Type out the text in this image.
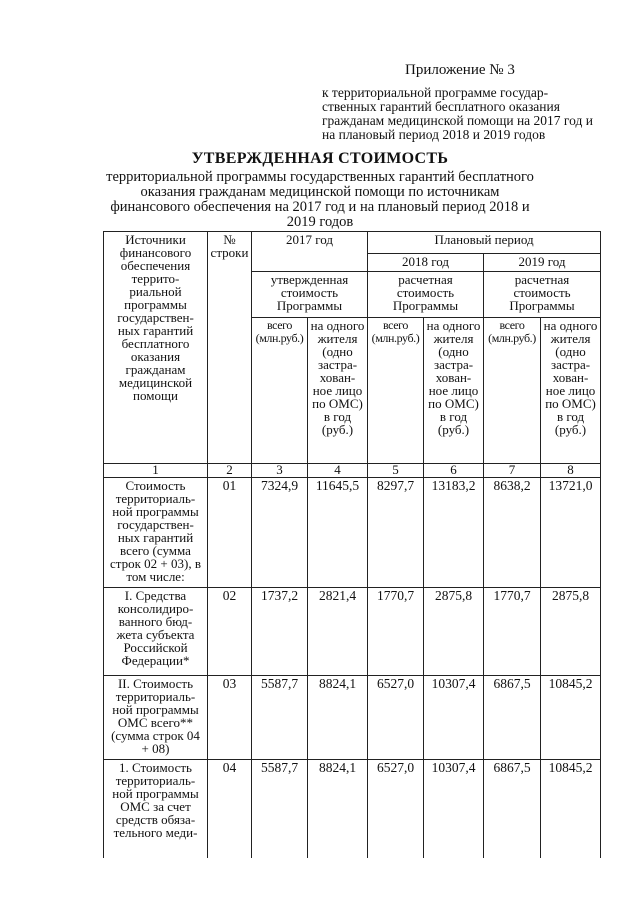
Приложение № 3
к территориальной программе государ- ственных гарантий бесплатного оказания гражданам медицинской помощи на 2017 год и на плановый период 2018 и 2019 годов
УТВЕРЖДЕННАЯ СТОИМОСТЬ
территориальной программы государственных гарантий бесплатного оказания гражданам медицинской помощи по источникам финансового обеспечения на 2017 год и на плановый период 2018 и 2019 годов
Источники финансового обеспечения террито- риальной программы государствен- ных гарантий бесплатного оказания гражданам медицинской помощи	№ строки	2017 год		Плановый период			
				2018 год		2019 год	
		утвержденная стоимость Программы		расчетная стоимость Программы		расчетная стоимость Программы	
		всего (млн.руб.)	на одного жителя (одно застра- хован- ное лицо по ОМС) в год (руб.)	всего (млн.руб.)	на одного жителя (одно застра- хован- ное лицо по ОМС) в год (руб.)	всего (млн.руб.)	на одного жителя (одно застра- хован- ное лицо по ОМС) в год (руб.)
1	2	3	4	5	6	7	8
Стоимость территориаль- ной программы государствен- ных гарантий всего (сумма строк 02 + 03), в том числе:	01	7324,9	11645,5	8297,7	13183,2	8638,2	13721,0
I. Средства консолидиро- ванного бюд- жета субъекта Российской Федерации*	02	1737,2	2821,4	1770,7	2875,8	1770,7	2875,8
II. Стоимость территориаль- ной программы ОМС всего** (сумма строк 04 + 08)	03	5587,7	8824,1	6527,0	10307,4	6867,5	10845,2
1. Стоимость территориаль- ной программы ОМС за счет средств обяза- тельного меди-	04	5587,7	8824,1	6527,0	10307,4	6867,5	10845,2
